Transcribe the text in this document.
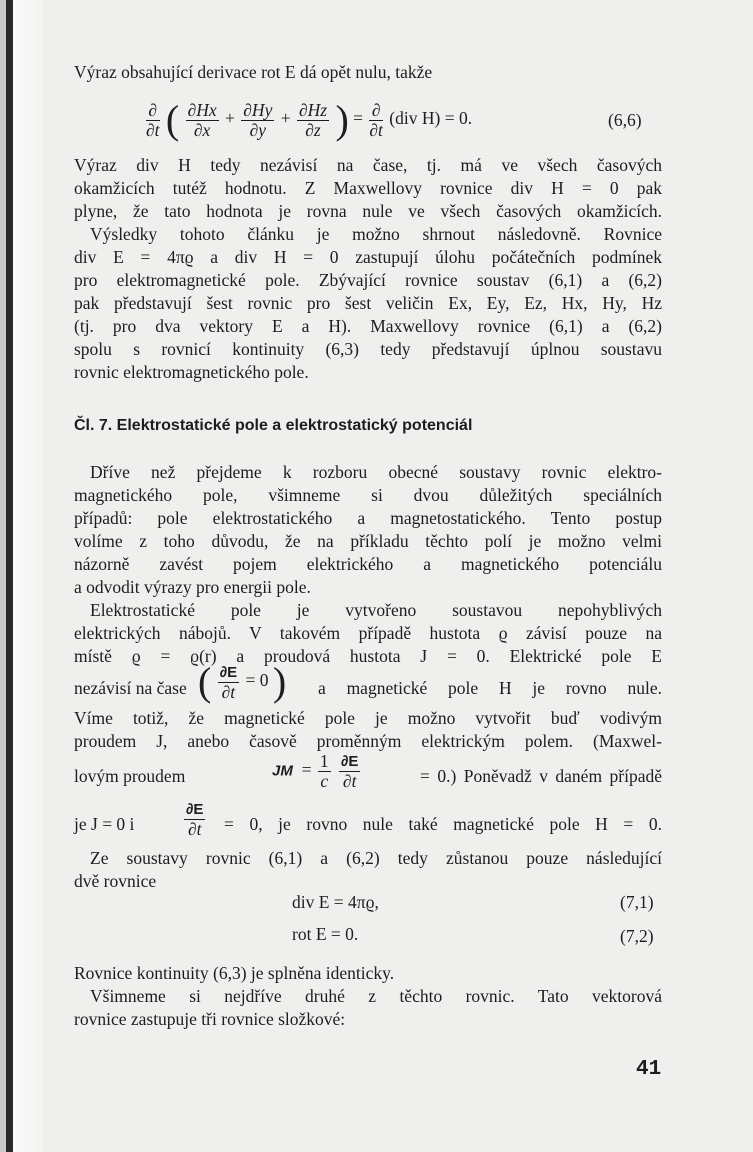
Výraz obsahující derivace rot E dá opět nulu, takže
$\frac{\partial}{\partial t}$ ( $\frac{\partial Hx}{\partial x} + \frac{\partial Hy}{\partial y} + \frac{\partial Hz}{\partial z}$ ) = $\frac{\partial}{\partial t} (div$ H) = 0.	(6,6)
Výraz div H tedy nezávisí na čase, tj. má ve všech časových
okamžicích tutéž hodnotu. Z Maxwellovy rovnice div H = 0 pak
plyne, že tato hodnota je rovna nule ve všech časových okamžicích.
Výsledky tohoto článku je možno shrnout následovně. Rovnice
div E = 4πϱ a div H = 0 zastupují úlohu počátečních podmínek
pro elektromagnetické pole. Zbývající rovnice soustav (6,1) a (6,2)
pak představují šest rovnic pro šest veličin Ex, Ey, Ez, Hx, Hy, Hz
(tj. pro dva vektory E a H). Maxwellovy rovnice (6,1) a (6,2)
spolu s rovnicí kontinuity (6,3) tedy představují úplnou soustavu
rovnic elektromagnetického pole.
Čl. 7. Elektrostatické pole a elektrostatický potenciál
Dříve než přejdeme k rozboru obecné soustavy rovnic elektro-
magnetického pole, všimneme si dvou důležitých speciálních
případů: pole elektrostatického a magnetostatického. Tento postup
volíme z toho důvodu, že na příkladu těchto polí je možno velmi
názorně zavést pojem elektrického a magnetického potenciálu
a odvodit výrazy pro energii pole.
Elektrostatické pole je vytvořeno soustavou nepohyblivých
elektrických nábojů. V takovém případě hustota ϱ závisí pouze na
místě ϱ = ϱ(r) a proudová hustota J = 0. Elektrické pole E
nezávisí na čase ( $\frac{\partial E}{\partial t} = 0$ ) a magnetické pole H je rovno nule.
Víme totiž, že magnetické pole je možno vytvořit buď vodivým
proudem J, anebo časově proměnným elektrickým polem. (Maxwel-
lovým proudem	JM = $\frac{1}{c}$
$\frac{\partial E}{\partial t}$	= 0.) Poněvadž v daném případě
je J = 0 i	$\frac{\partial E}{\partial t} = 0$, je rovno nule také magnetické pole H = 0.
Ze soustavy rovnic (6,1) a (6,2) tedy zůstanou pouze následující
dvě rovnice
div E = 4πϱ,	(7,1)
rot E = 0.	(7,2)
Rovnice kontinuity (6,3) je splněna identicky.
Všimneme si nejdříve druhé z těchto rovnic. Tato vektorová
rovnice zastupuje tři rovnice složkové:
41
